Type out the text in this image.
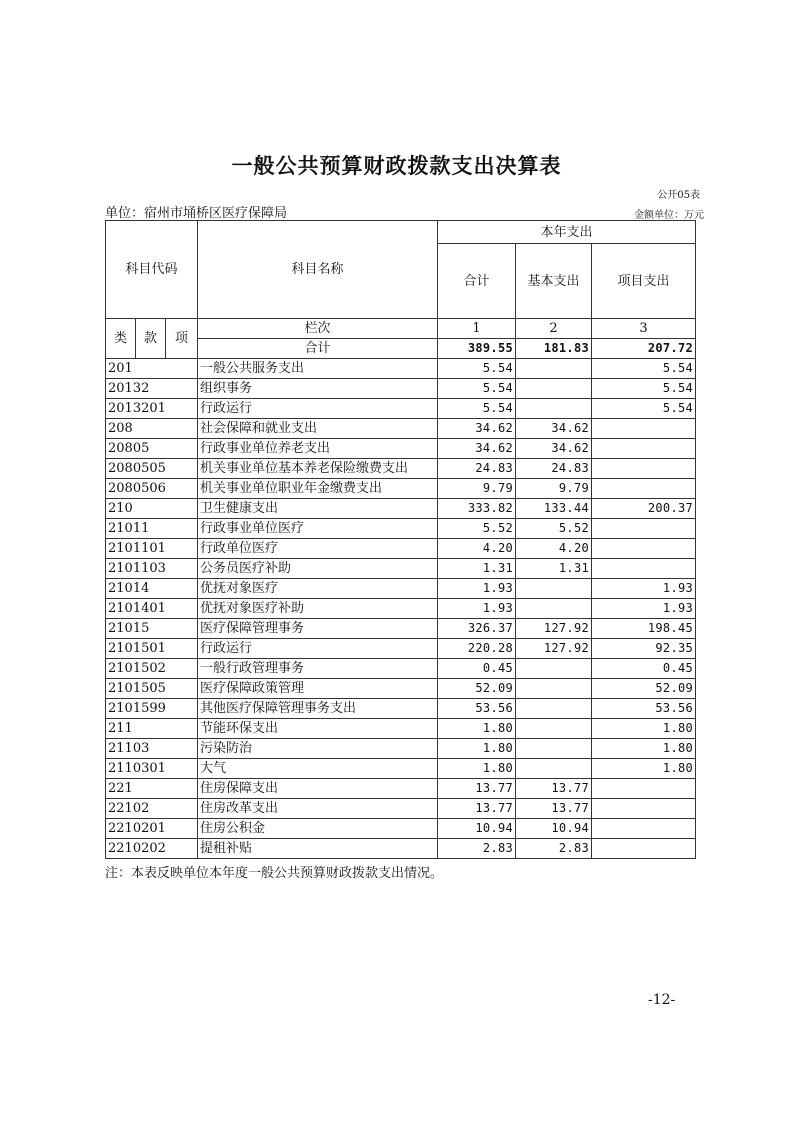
一般公共预算财政拨款支出决算表
公开05表
单位：宿州市埇桥区医疗保障局	金额单位：万元
科目代码			科目名称	本年支出		
				合计	基本支出	项目支出
类	款	项	栏次	1	2	3
			合计	389.55	181.83	207.72
201			一般公共服务支出	5.54		5.54
20132			组织事务	5.54		5.54
2013201			行政运行	5.54		5.54
208			社会保障和就业支出	34.62	34.62	
20805			行政事业单位养老支出	34.62	34.62	
2080505			机关事业单位基本养老保险缴费支出	24.83	24.83	
2080506			机关事业单位职业年金缴费支出	9.79	9.79	
210			卫生健康支出	333.82	133.44	200.37
21011			行政事业单位医疗	5.52	5.52	
2101101			行政单位医疗	4.20	4.20	
2101103			公务员医疗补助	1.31	1.31	
21014			优抚对象医疗	1.93		1.93
2101401			优抚对象医疗补助	1.93		1.93
21015			医疗保障管理事务	326.37	127.92	198.45
2101501			行政运行	220.28	127.92	92.35
2101502			一般行政管理事务	0.45		0.45
2101505			医疗保障政策管理	52.09		52.09
2101599			其他医疗保障管理事务支出	53.56		53.56
211			节能环保支出	1.80		1.80
21103			污染防治	1.80		1.80
2110301			大气	1.80		1.80
221			住房保障支出	13.77	13.77	
22102			住房改革支出	13.77	13.77	
2210201			住房公积金	10.94	10.94	
2210202			提租补贴	2.83	2.83	
注：本表反映单位本年度一般公共预算财政拨款支出情况。
-12-
